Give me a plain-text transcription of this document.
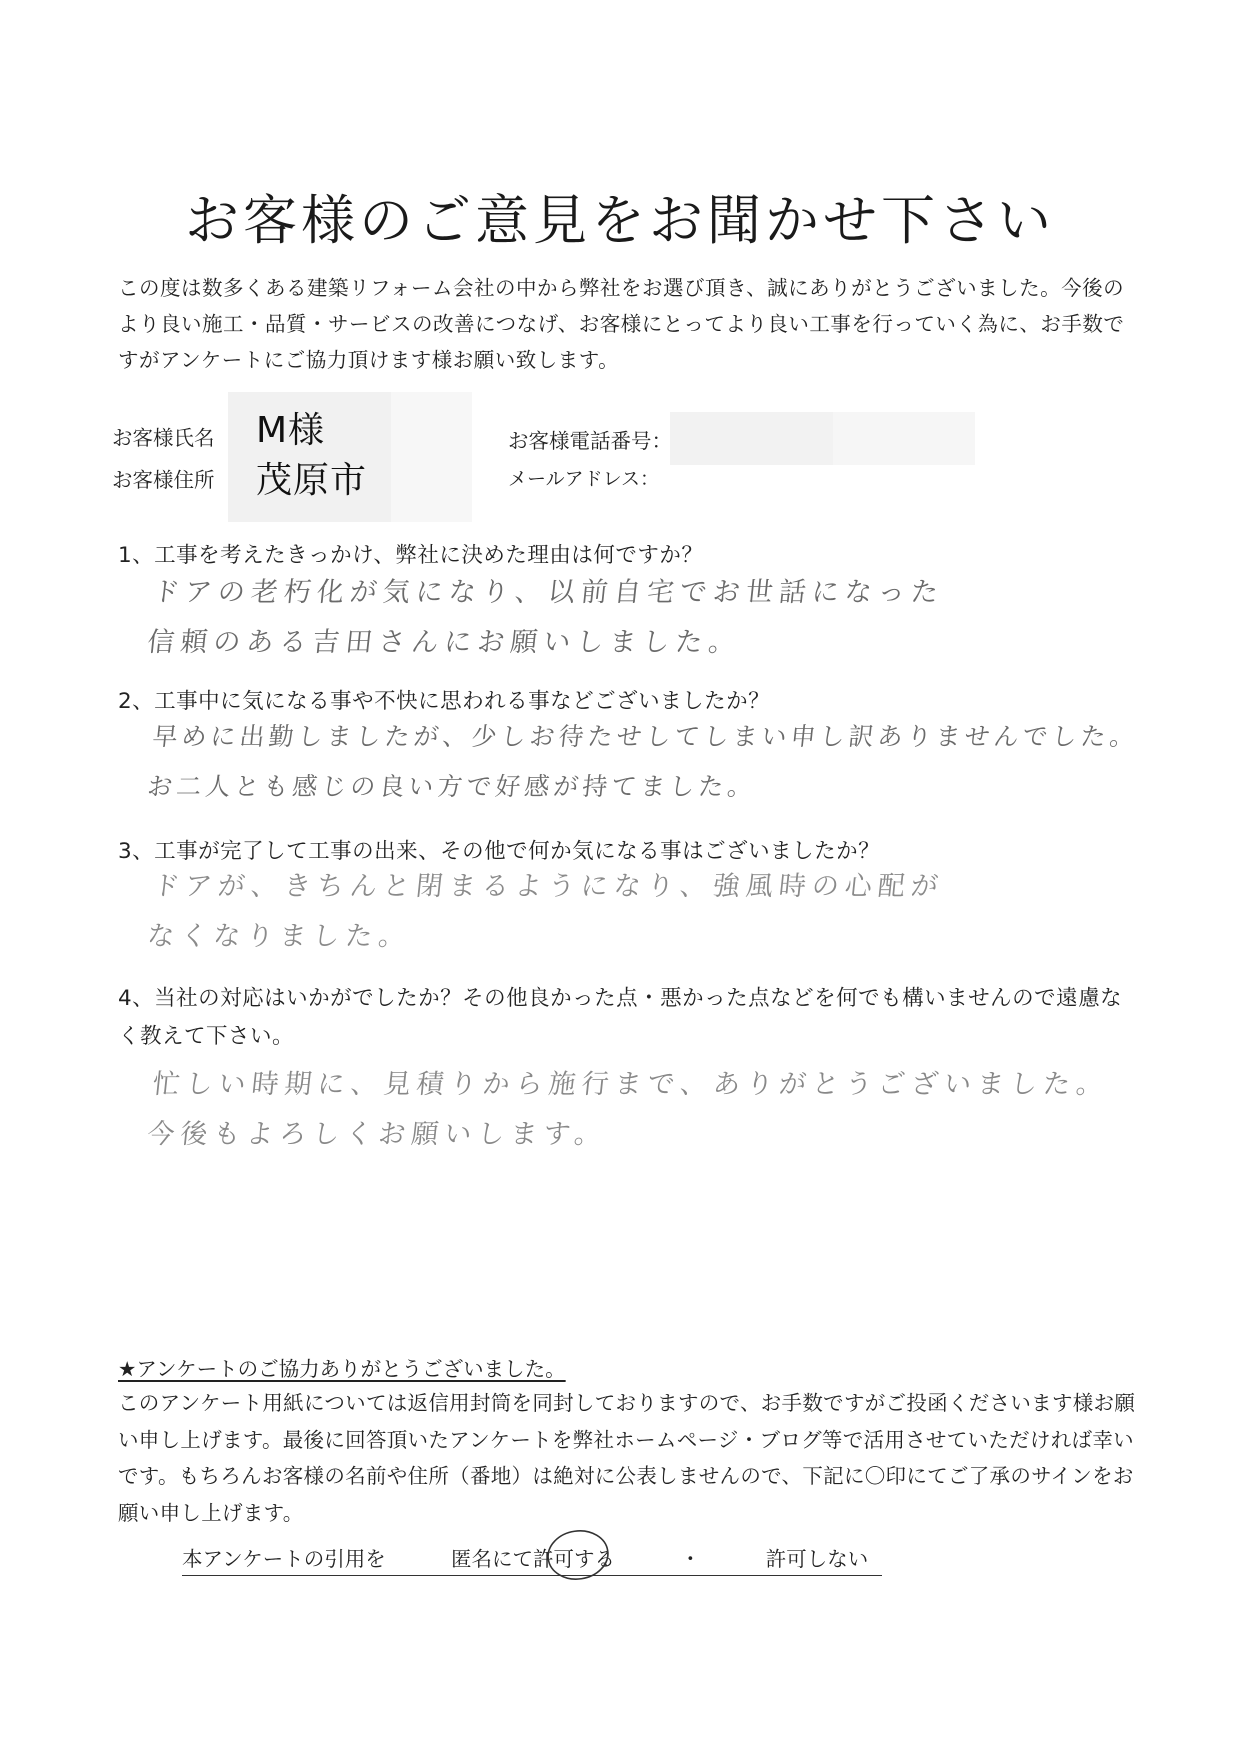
お客様のご意見をお聞かせ下さい
この度は数多くある建築リフォーム会社の中から弊社をお選び頂き、誠にありがとうございました。今後のより良い施工・品質・サービスの改善につなげ、お客様にとってより良い工事を行っていく為に、お手数ですがアンケートにご協力頂けます様お願い致します。
お客様氏名 M様
お客様住所 茂原市
お客様電話番号：
メールアドレス：
1、工事を考えたきっかけ、弊社に決めた理由は何ですか？
ドアの老朽化が気になり、以前自宅でお世話になった
信頼のある吉田さんにお願いしました。
2、工事中に気になる事や不快に思われる事などございましたか？
早めに出勤しましたが、少しお待たせしてしまい申し訳ありませんでした。
お二人とも感じの良い方で好感が持てました。
3、工事が完了して工事の出来、その他で何か気になる事はございましたか？
ドアが、きちんと閉まるようになり、強風時の心配が
なくなりました。
4、当社の対応はいかがでしたか？その他良かった点・悪かった点などを何でも構いませんので遠慮なく教えて下さい。
忙しい時期に、見積りから施行まで、ありがとうございました。
今後もよろしくお願いします。
★アンケートのご協力ありがとうございました。
このアンケート用紙については返信用封筒を同封しておりますので、お手数ですがご投函くださいます様お願い申し上げます。最後に回答頂いたアンケートを弊社ホームページ・ブログ等で活用させていただければ幸いです。もちろんお客様の名前や住所（番地）は絶対に公表しませんので、下記に〇印にてご了承のサインをお願い申し上げます。
本アンケートの引用を	匿名にて許可する	・	許可しない
